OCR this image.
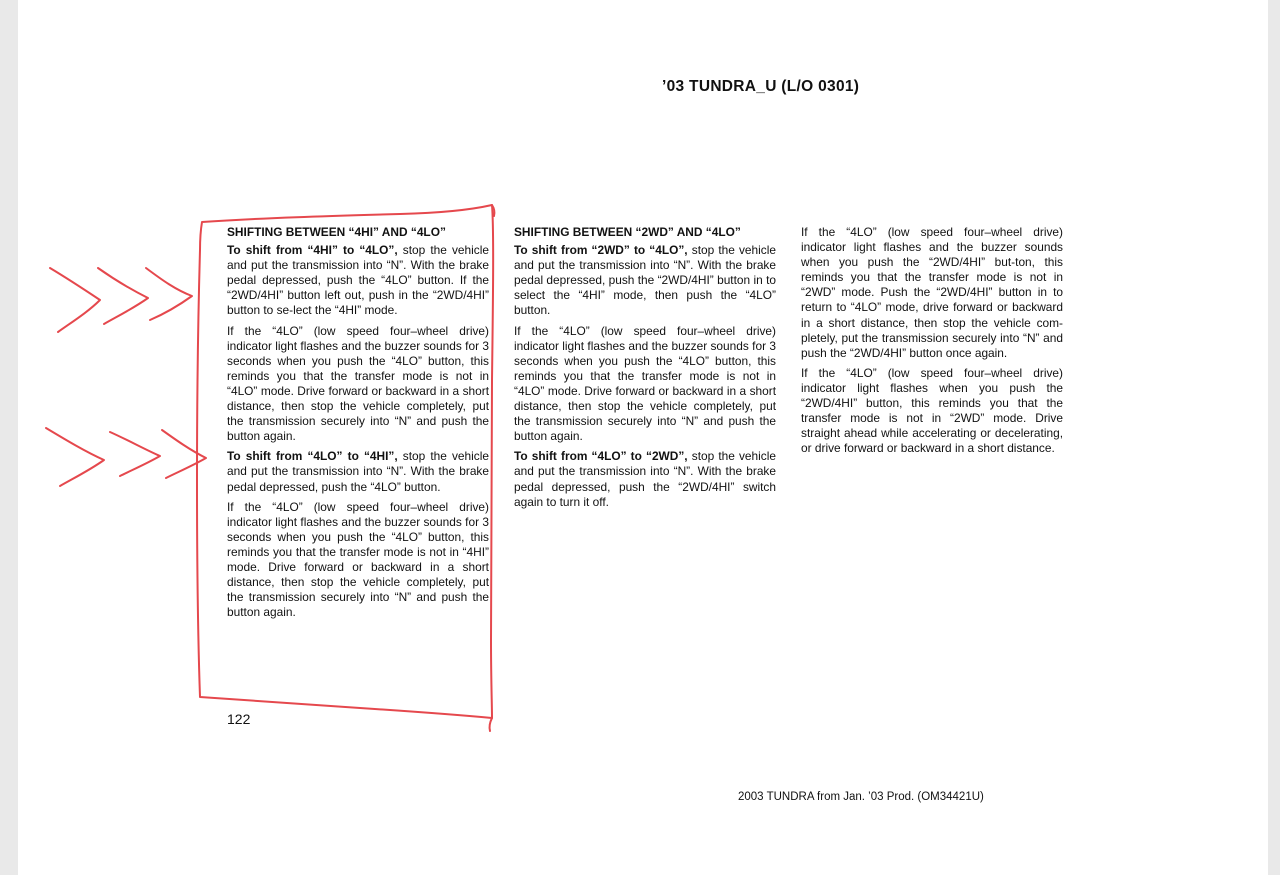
’03 TUNDRA_U (L/O 0301)

SHIFTING BETWEEN “4HI” AND “4LO”

To shift from “4HI” to “4LO”, stop the vehicle and put the transmission into “N”. With the brake pedal depressed, push the “4LO” button. If the “2WD/4HI” button left out, push in the “2WD/4HI” button to se-lect the “4HI” mode.

If the “4LO” (low speed four–wheel drive) indicator light flashes and the buzzer sounds for 3 seconds when you push the “4LO” button, this reminds you that the transfer mode is not in “4LO” mode. Drive forward or backward in a short distance, then stop the vehicle completely, put the transmission securely into “N” and push the button again.

To shift from “4LO” to “4HI”, stop the vehicle and put the transmission into “N”. With the brake pedal depressed, push the “4LO” button.

If the “4LO” (low speed four–wheel drive) indicator light flashes and the buzzer sounds for 3 seconds when you push the “4LO” button, this reminds you that the transfer mode is not in “4HI” mode. Drive forward or backward in a short distance, then stop the vehicle completely, put the transmission securely into “N” and push the button again.

SHIFTING BETWEEN “2WD” AND “4LO”

To shift from “2WD” to “4LO”, stop the vehicle and put the transmission into “N”. With the brake pedal depressed, push the “2WD/4HI” button in to select the “4HI” mode, then push the “4LO” button.

If the “4LO” (low speed four–wheel drive) indicator light flashes and the buzzer sounds for 3 seconds when you push the “4LO” button, this reminds you that the transfer mode is not in “4LO” mode. Drive forward or backward in a short distance, then stop the vehicle completely, put the transmission securely into “N” and push the button again.

To shift from “4LO” to “2WD”, stop the vehicle and put the transmission into “N”. With the brake pedal depressed, push the “2WD/4HI” switch again to turn it off.

If the “4LO” (low speed four–wheel drive) indicator light flashes and the buzzer sounds when you push the “2WD/4HI” but-ton, this reminds you that the transfer mode is not in “2WD” mode. Push the “2WD/4HI” button in to return to “4LO” mode, drive forward or backward in a short distance, then stop the vehicle com-pletely, put the transmission securely into “N” and push the “2WD/4HI” button once again.

If the “4LO” (low speed four–wheel drive) indicator light flashes when you push the “2WD/4HI” button, this reminds you that the transfer mode is not in “2WD” mode. Drive straight ahead while accelerating or decelerating, or drive forward or backward in a short distance.

122
2003 TUNDRA from Jan. ’03 Prod. (OM34421U)
